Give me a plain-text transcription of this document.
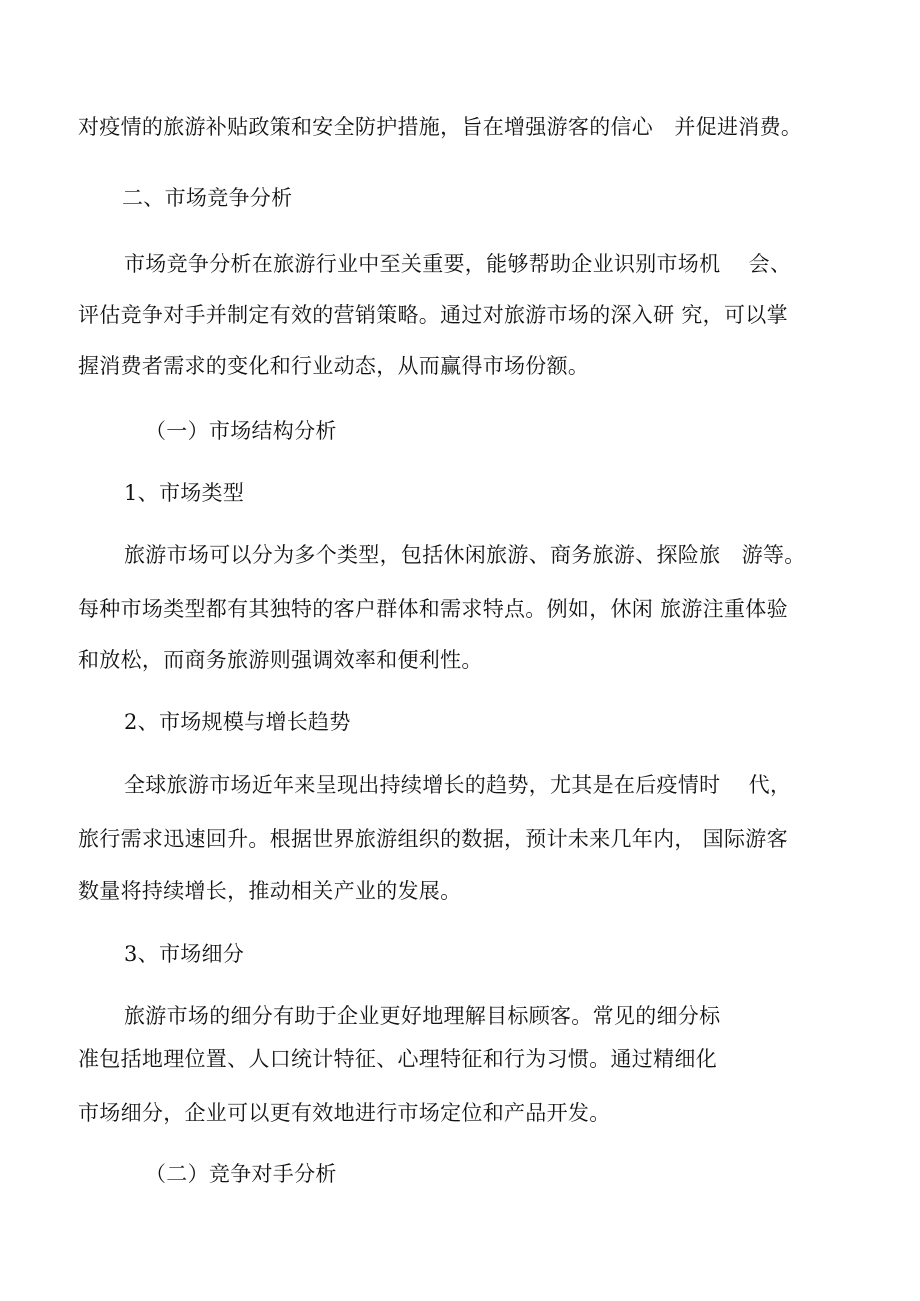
对疫情的旅游补贴政策和安全防护措施，旨在增强游客的信心　并促进消费。

二、市场竞争分析

市场竞争分析在旅游行业中至关重要，能够帮助企业识别市场机　 会、

评估竞争对手并制定有效的营销策略。通过对旅游市场的深入研 究，可以掌

握消费者需求的变化和行业动态，从而赢得市场份额。

（一）市场结构分析
1、市场类型

旅游市场可以分为多个类型，包括休闲旅游、商务旅游、探险旅　游等。

每种市场类型都有其独特的客户群体和需求特点。例如，休闲 旅游注重体验

和放松，而商务旅游则强调效率和便利性。

2、市场规模与增长趋势

全球旅游市场近年来呈现出持续增长的趋势，尤其是在后疫情时　 代，

旅行需求迅速回升。根据世界旅游组织的数据，预计未来几年内， 国际游客

数量将持续增长，推动相关产业的发展。

3、市场细分

旅游市场的细分有助于企业更好地理解目标顾客。常见的细分标

准包括地理位置、人口统计特征、心理特征和行为习惯。通过精细化

市场细分，企业可以更有效地进行市场定位和产品开发。

（二）竞争对手分析
